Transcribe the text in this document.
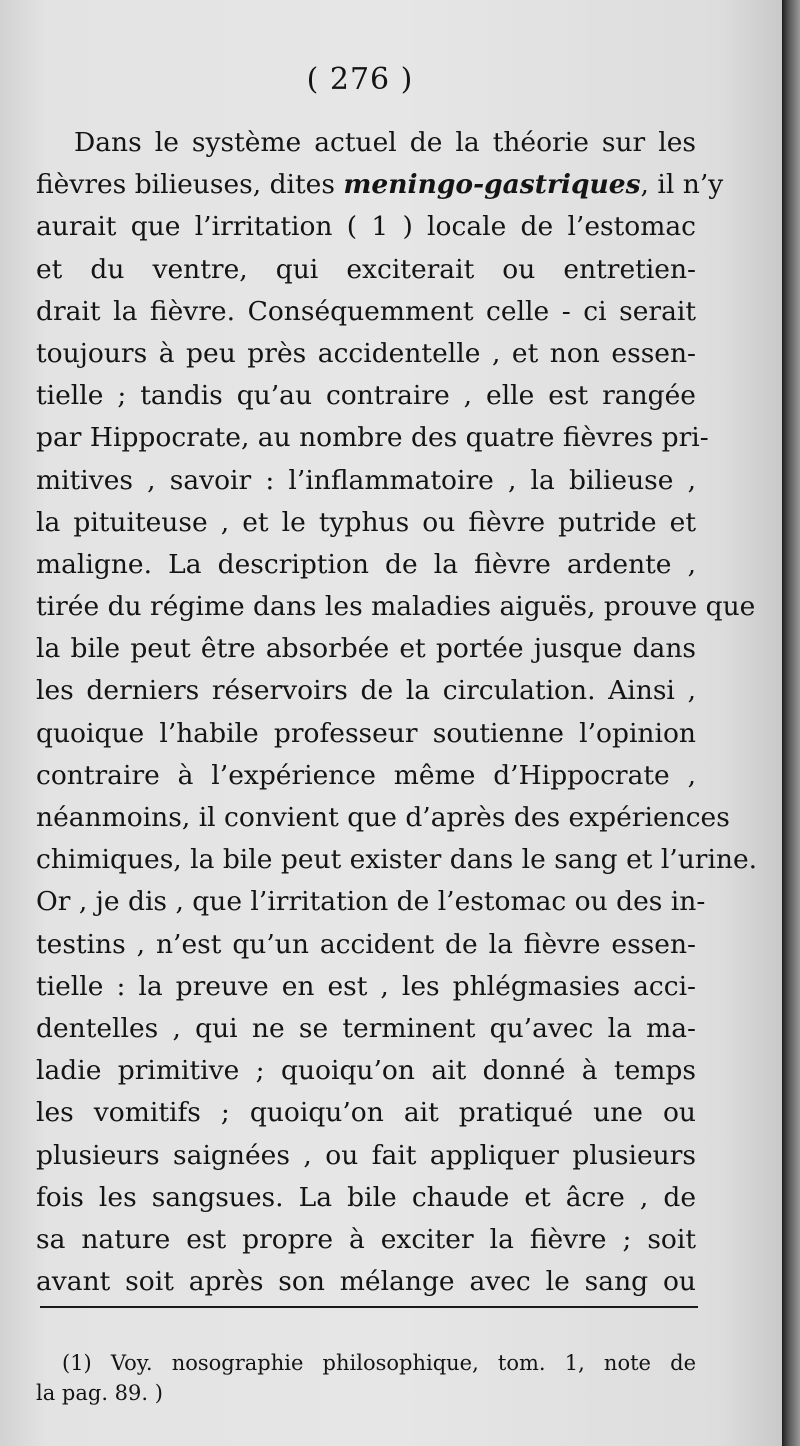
( 276 )
Dans le système actuel de la théorie sur les
fièvres bilieuses, dites meningo-gastriques, il n’y
aurait que l’irritation ( 1 ) locale de l’estomac
et du ventre, qui exciterait ou entretien-
drait la fièvre. Conséquemment celle - ci serait
toujours à peu près accidentelle , et non essen-
tielle ; tandis qu’au contraire , elle est rangée
par Hippocrate, au nombre des quatre fièvres pri-
mitives , savoir : l’inflammatoire , la bilieuse ,
la pituiteuse , et le typhus ou fièvre putride et
maligne. La description de la fièvre ardente ,
tirée du régime dans les maladies aiguës, prouve que
la bile peut être absorbée et portée jusque dans
les derniers réservoirs de la circulation. Ainsi ,
quoique l’habile professeur soutienne l’opinion
contraire à l’expérience même d’Hippocrate ,
néanmoins, il convient que d’après des expériences
chimiques, la bile peut exister dans le sang et l’urine.
Or , je dis , que l’irritation de l’estomac ou des in-
testins , n’est qu’un accident de la fièvre essen-
tielle : la preuve en est , les phlégmasies acci-
dentelles , qui ne se terminent qu’avec la ma-
ladie primitive ; quoiqu’on ait donné à temps
les vomitifs ; quoiqu’on ait pratiqué une ou
plusieurs saignées , ou fait appliquer plusieurs
fois les sangsues. La bile chaude et âcre , de
sa nature est propre à exciter la fièvre ; soit
avant soit après son mélange avec le sang ou
(1) Voy. nosographie philosophique, tom. 1, note de
la pag. 89. )
